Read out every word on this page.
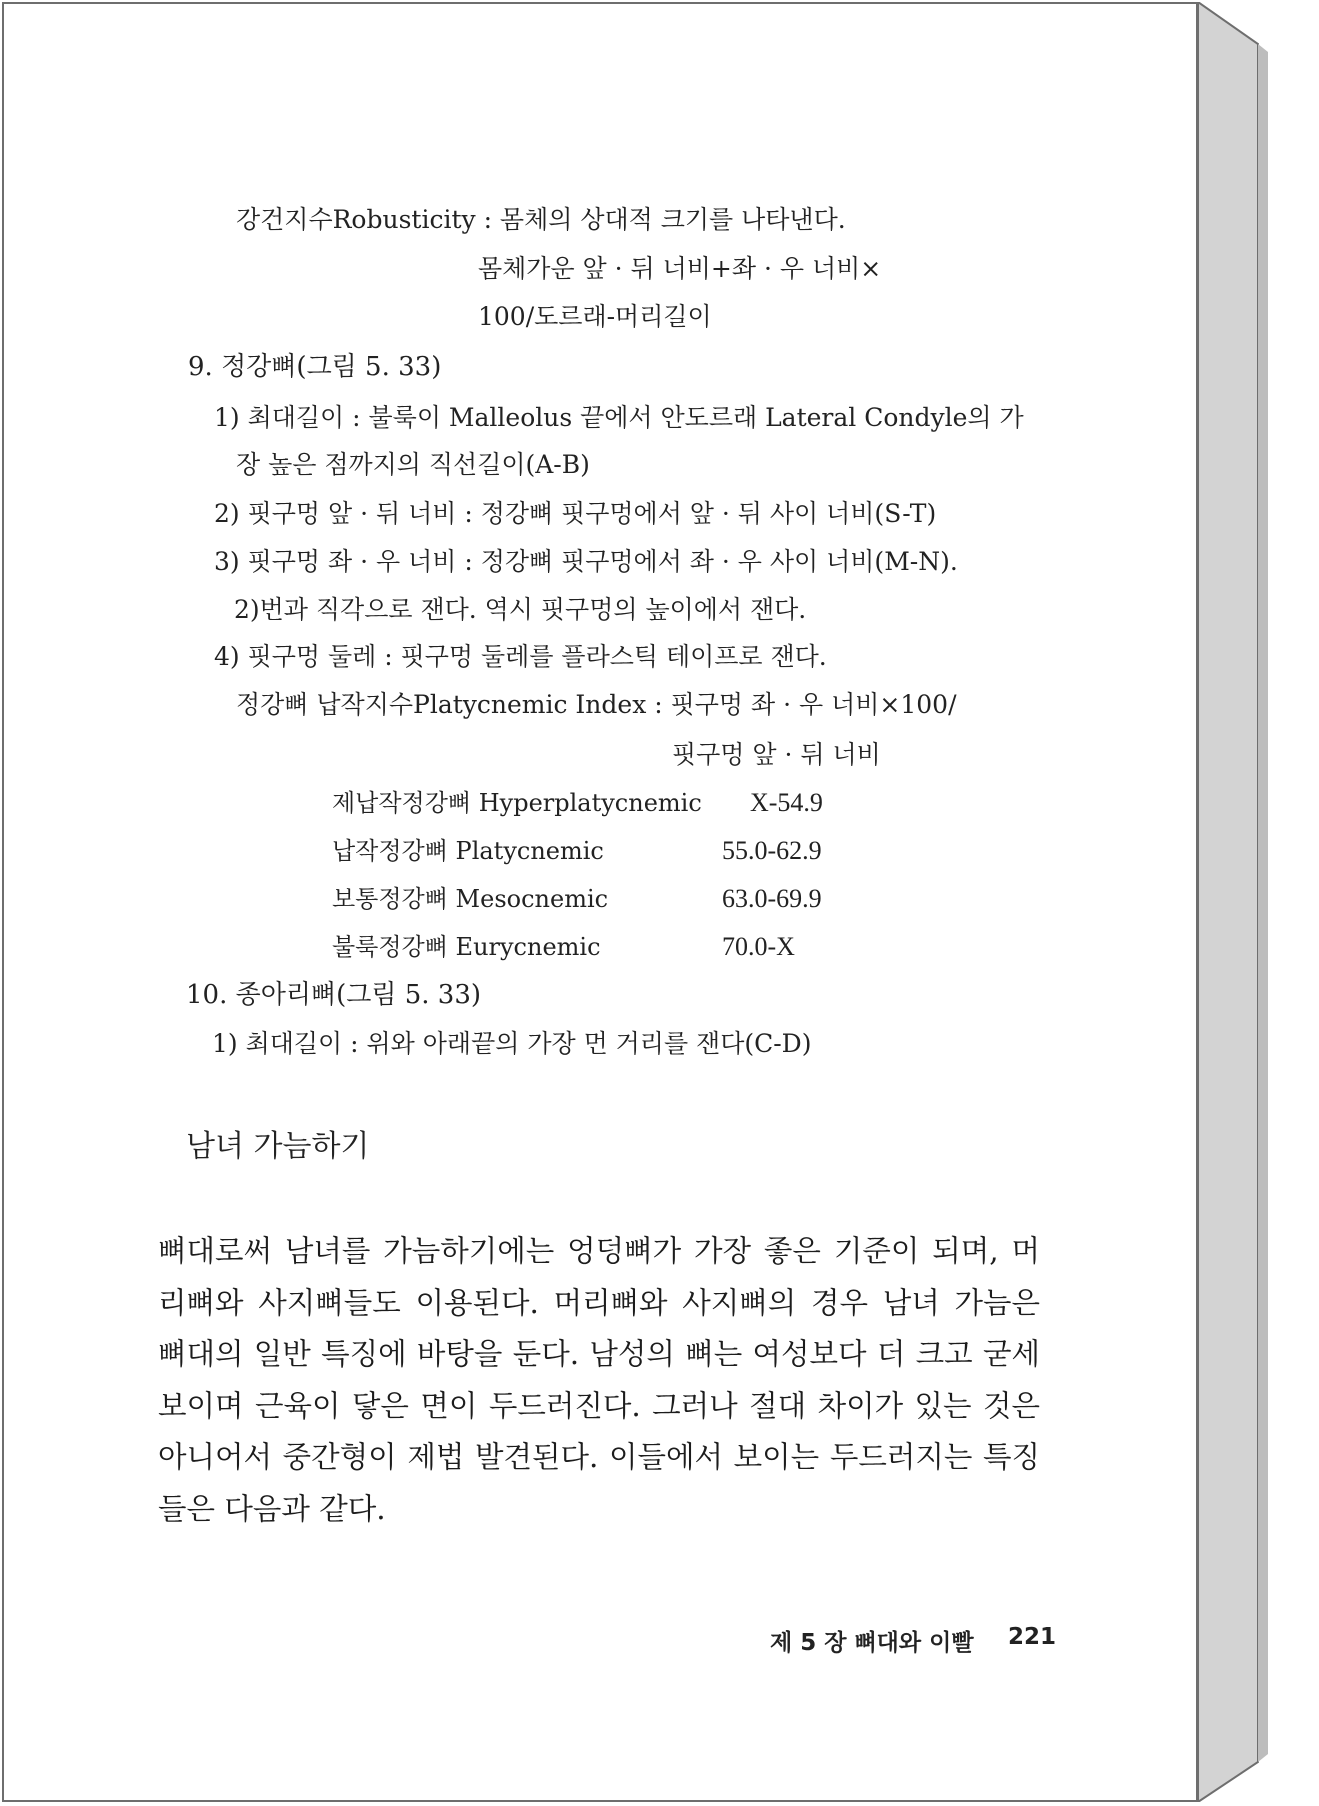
강건지수Robusticity : 몸체의 상대적 크기를 나타낸다.
몸체가운 앞 · 뒤 너비+좌 · 우 너비×
100/도르래-머리길이
9. 정강뼈(그림 5. 33)
1) 최대길이 : 불룩이 Malleolus 끝에서 안도르래 Lateral Condyle의 가
장 높은 점까지의 직선길이(A-B)
2) 핏구멍 앞 · 뒤 너비 : 정강뼈 핏구멍에서 앞 · 뒤 사이 너비(S-T)
3) 핏구멍 좌 · 우 너비 : 정강뼈 핏구멍에서 좌 · 우 사이 너비(M-N).
2)번과 직각으로 잰다. 역시 핏구멍의 높이에서 잰다.
4) 핏구멍 둘레 : 핏구멍 둘레를 플라스틱 테이프로 잰다.
정강뼈 납작지수Platycnemic Index : 핏구멍 좌 · 우 너비×100/
핏구멍 앞 · 뒤 너비
제납작정강뼈 Hyperplatycnemic X-54.9
납작정강뼈 Platycnemic	55.0-62.9
보통정강뼈 Mesocnemic	63.0-69.9
불룩정강뼈 Eurycnemic	70.0-X
10. 종아리뼈(그림 5. 33)
1) 최대길이 : 위와 아래끝의 가장 먼 거리를 잰다(C-D)
남녀 가늠하기
뼈대로써 남녀를 가늠하기에는 엉덩뼈가 가장 좋은 기준이 되며, 머리뼈와 사지뼈들도 이용된다. 머리뼈와 사지뼈의 경우 남녀 가늠은 뼈대의 일반 특징에 바탕을 둔다. 남성의 뼈는 여성보다 더 크고 굳세 보이며 근육이 닿은 면이 두드러진다. 그러나 절대 차이가 있는 것은 아니어서 중간형이 제법 발견된다. 이들에서 보이는 두드러지는 특징들은 다음과 같다.
제 5 장 뼈대와 이빨 221
